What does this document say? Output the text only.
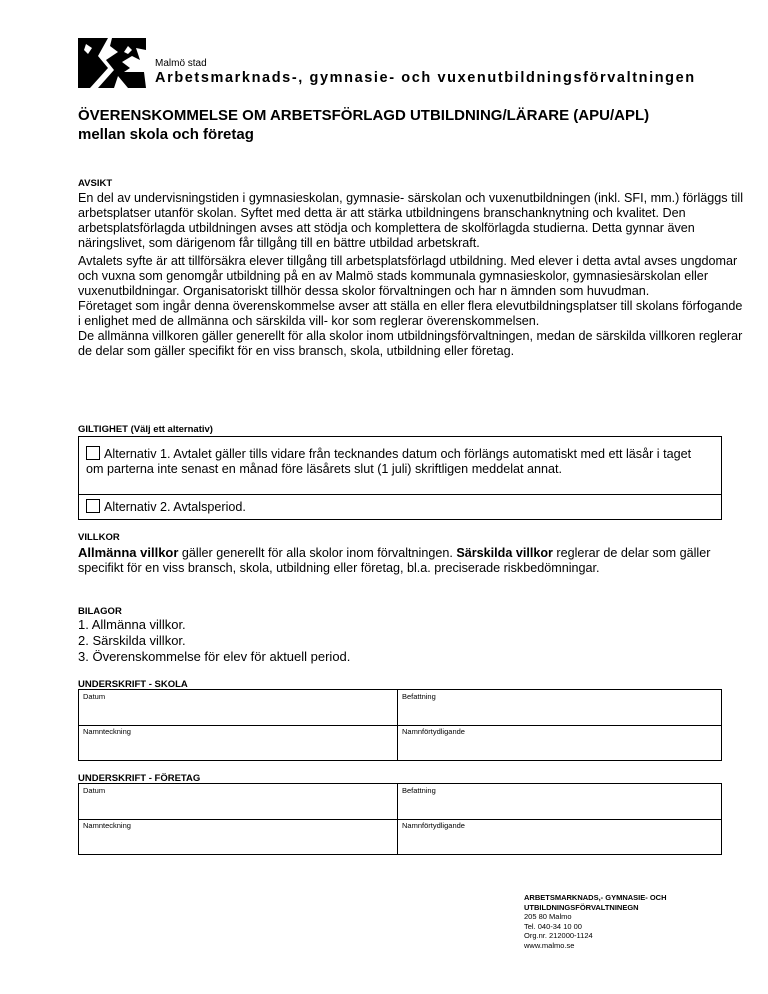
Malmö stad
Arbetsmarknads-, gymnasie- och vuxenutbildningsförvaltningen
ÖVERENSKOMMELSE OM ARBETSFÖRLAGD UTBILDNING/LÄRARE (APU/APL)
mellan skola och företag
AVSIKT

En del av undervisningstiden i gymnasieskolan, gymnasie- särskolan och vuxenutbildningen (inkl. SFI, mm.) förläggs till arbetsplatser utanför skolan. Syftet med detta är att stärka utbildningens branschanknytning och kvalitet. Den arbetsplatsförlagda utbildningen avses att stödja och komplettera de skolförlagda studierna. Detta gynnar även näringslivet, som därigenom får tillgång till en bättre utbildad arbetskraft.

Avtalets syfte är att tillförsäkra elever tillgång till arbetsplatsförlagd utbildning. Med elever i detta avtal avses ungdomar och vuxna som genomgår utbildning på en av Malmö stads kommunala gymnasieskolor, gymnasiesärskolan eller vuxenutbildningar. Organisatoriskt tillhör dessa skolor förvaltningen och har n ämnden som huvudman.

Företaget som ingår denna överenskommelse avser att ställa en eller flera elevutbildningsplatser till skolans förfogande i enlighet med de allmänna och särskilda vill- kor som reglerar överenskommelsen.

De allmänna villkoren gäller generellt för alla skolor inom utbildningsförvaltningen, medan de särskilda villkoren reglerar de delar som gäller specifikt för en viss bransch, skola, utbildning eller företag.

GILTIGHET (Välj ett alternativ)
Alternativ 1. Avtalet gäller tills vidare från tecknandes datum och förlängs automatiskt med ett läsår i taget om parterna inte senast en månad före läsårets slut (1 juli) skriftligen meddelat annat.
Alternativ 2. Avtalsperiod.
VILLKOR
Allmänna villkor gäller generellt för alla skolor inom förvaltningen. Särskilda villkor reglerar de delar som gäller specifikt för en viss bransch, skola, utbildning eller företag, bl.a. preciserade riskbedömningar.
BILAGOR
1. Allmänna villkor.
2. Särskilda villkor.
3. Överenskommelse för elev för aktuell period.
UNDERSKRIFT - SKOLA
Datum	Befattning
Namnteckning	Namnförtydligande
UNDERSKRIFT - FÖRETAG
Datum	Befattning
Namnteckning	Namnförtydligande
ARBETSMARKNADS,- GYMNASIE- OCH
UTBILDNINGSFÖRVALTNINEGN
205 80 Malmo
Tel. 040-34 10 00
Org.nr. 212000-1124
www.malmo.se
